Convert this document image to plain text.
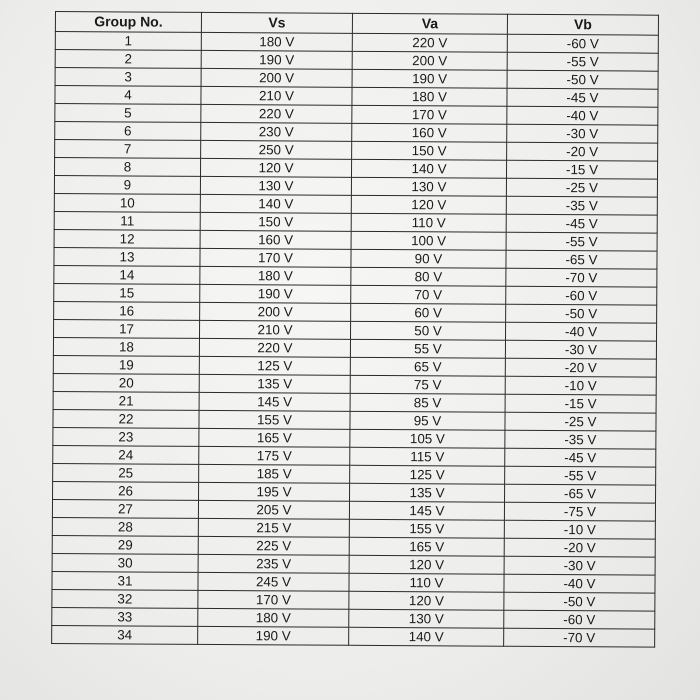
Group No.	Vs	Va	Vb
1	180 V	220 V	-60 V
2	190 V	200 V	-55 V
3	200 V	190 V	-50 V
4	210 V	180 V	-45 V
5	220 V	170 V	-40 V
6	230 V	160 V	-30 V
7	250 V	150 V	-20 V
8	120 V	140 V	-15 V
9	130 V	130 V	-25 V
10	140 V	120 V	-35 V
11	150 V	110 V	-45 V
12	160 V	100 V	-55 V
13	170 V	90 V	-65 V
14	180 V	80 V	-70 V
15	190 V	70 V	-60 V
16	200 V	60 V	-50 V
17	210 V	50 V	-40 V
18	220 V	55 V	-30 V
19	125 V	65 V	-20 V
20	135 V	75 V	-10 V
21	145 V	85 V	-15 V
22	155 V	95 V	-25 V
23	165 V	105 V	-35 V
24	175 V	115 V	-45 V
25	185 V	125 V	-55 V
26	195 V	135 V	-65 V
27	205 V	145 V	-75 V
28	215 V	155 V	-10 V
29	225 V	165 V	-20 V
30	235 V	120 V	-30 V
31	245 V	110 V	-40 V
32	170 V	120 V	-50 V
33	180 V	130 V	-60 V
34	190 V	140 V	-70 V
